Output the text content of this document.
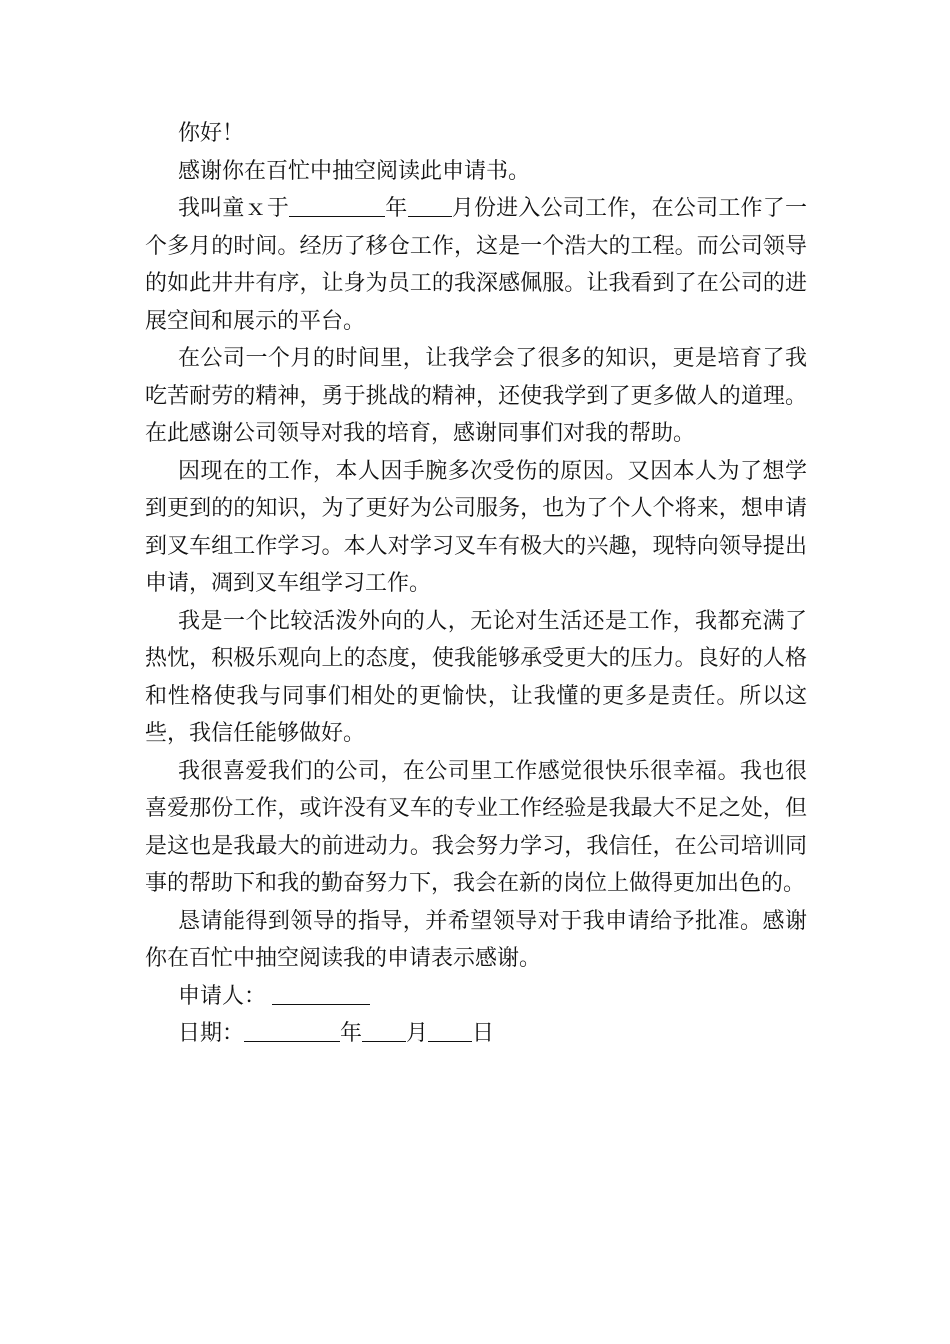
你好！

感谢你在百忙中抽空阅读此申请书。

我叫童ｘ于	年 月份进入公司工作，在公司工作了一个多月的时间。经历了移仓工作，这是一个浩大的工程。而公司领导的如此井井有序，让身为员工的我深感佩服。让我看到了在公司的进展空间和展示的平台。

在公司一个月的时间里，让我学会了很多的知识，更是培育了我吃苦耐劳的精神，勇于挑战的精神，还使我学到了更多做人的道理。在此感谢公司领导对我的培育，感谢同事们对我的帮助。

因现在的工作，本人因手腕多次受伤的原因。又因本人为了想学到更到的的知识，为了更好为公司服务，也为了个人个将来，想申请到叉车组工作学习。本人对学习叉车有极大的兴趣，现特向领导提出申请，凋到叉车组学习工作。

我是一个比较活泼外向的人，无论对生活还是工作，我都充满了热忱，积极乐观向上的态度，使我能够承受更大的压力。良好的人格和性格使我与同事们相处的更愉快，让我懂的更多是责任。所以这些，我信任能够做好。

我很喜爱我们的公司，在公司里工作感觉很快乐很幸福。我也很喜爱那份工作，或许没有叉车的专业工作经验是我最大不足之处，但是这也是我最大的前进动力。我会努力学习，我信任，在公司培训同事的帮助下和我的勤奋努力下，我会在新的岗位上做得更加出色的。

恳请能得到领导的指导，并希望领导对于我申请给予批准。感谢你在百忙中抽空阅读我的申请表示感谢。

申请人：

日期：	年 月 日
